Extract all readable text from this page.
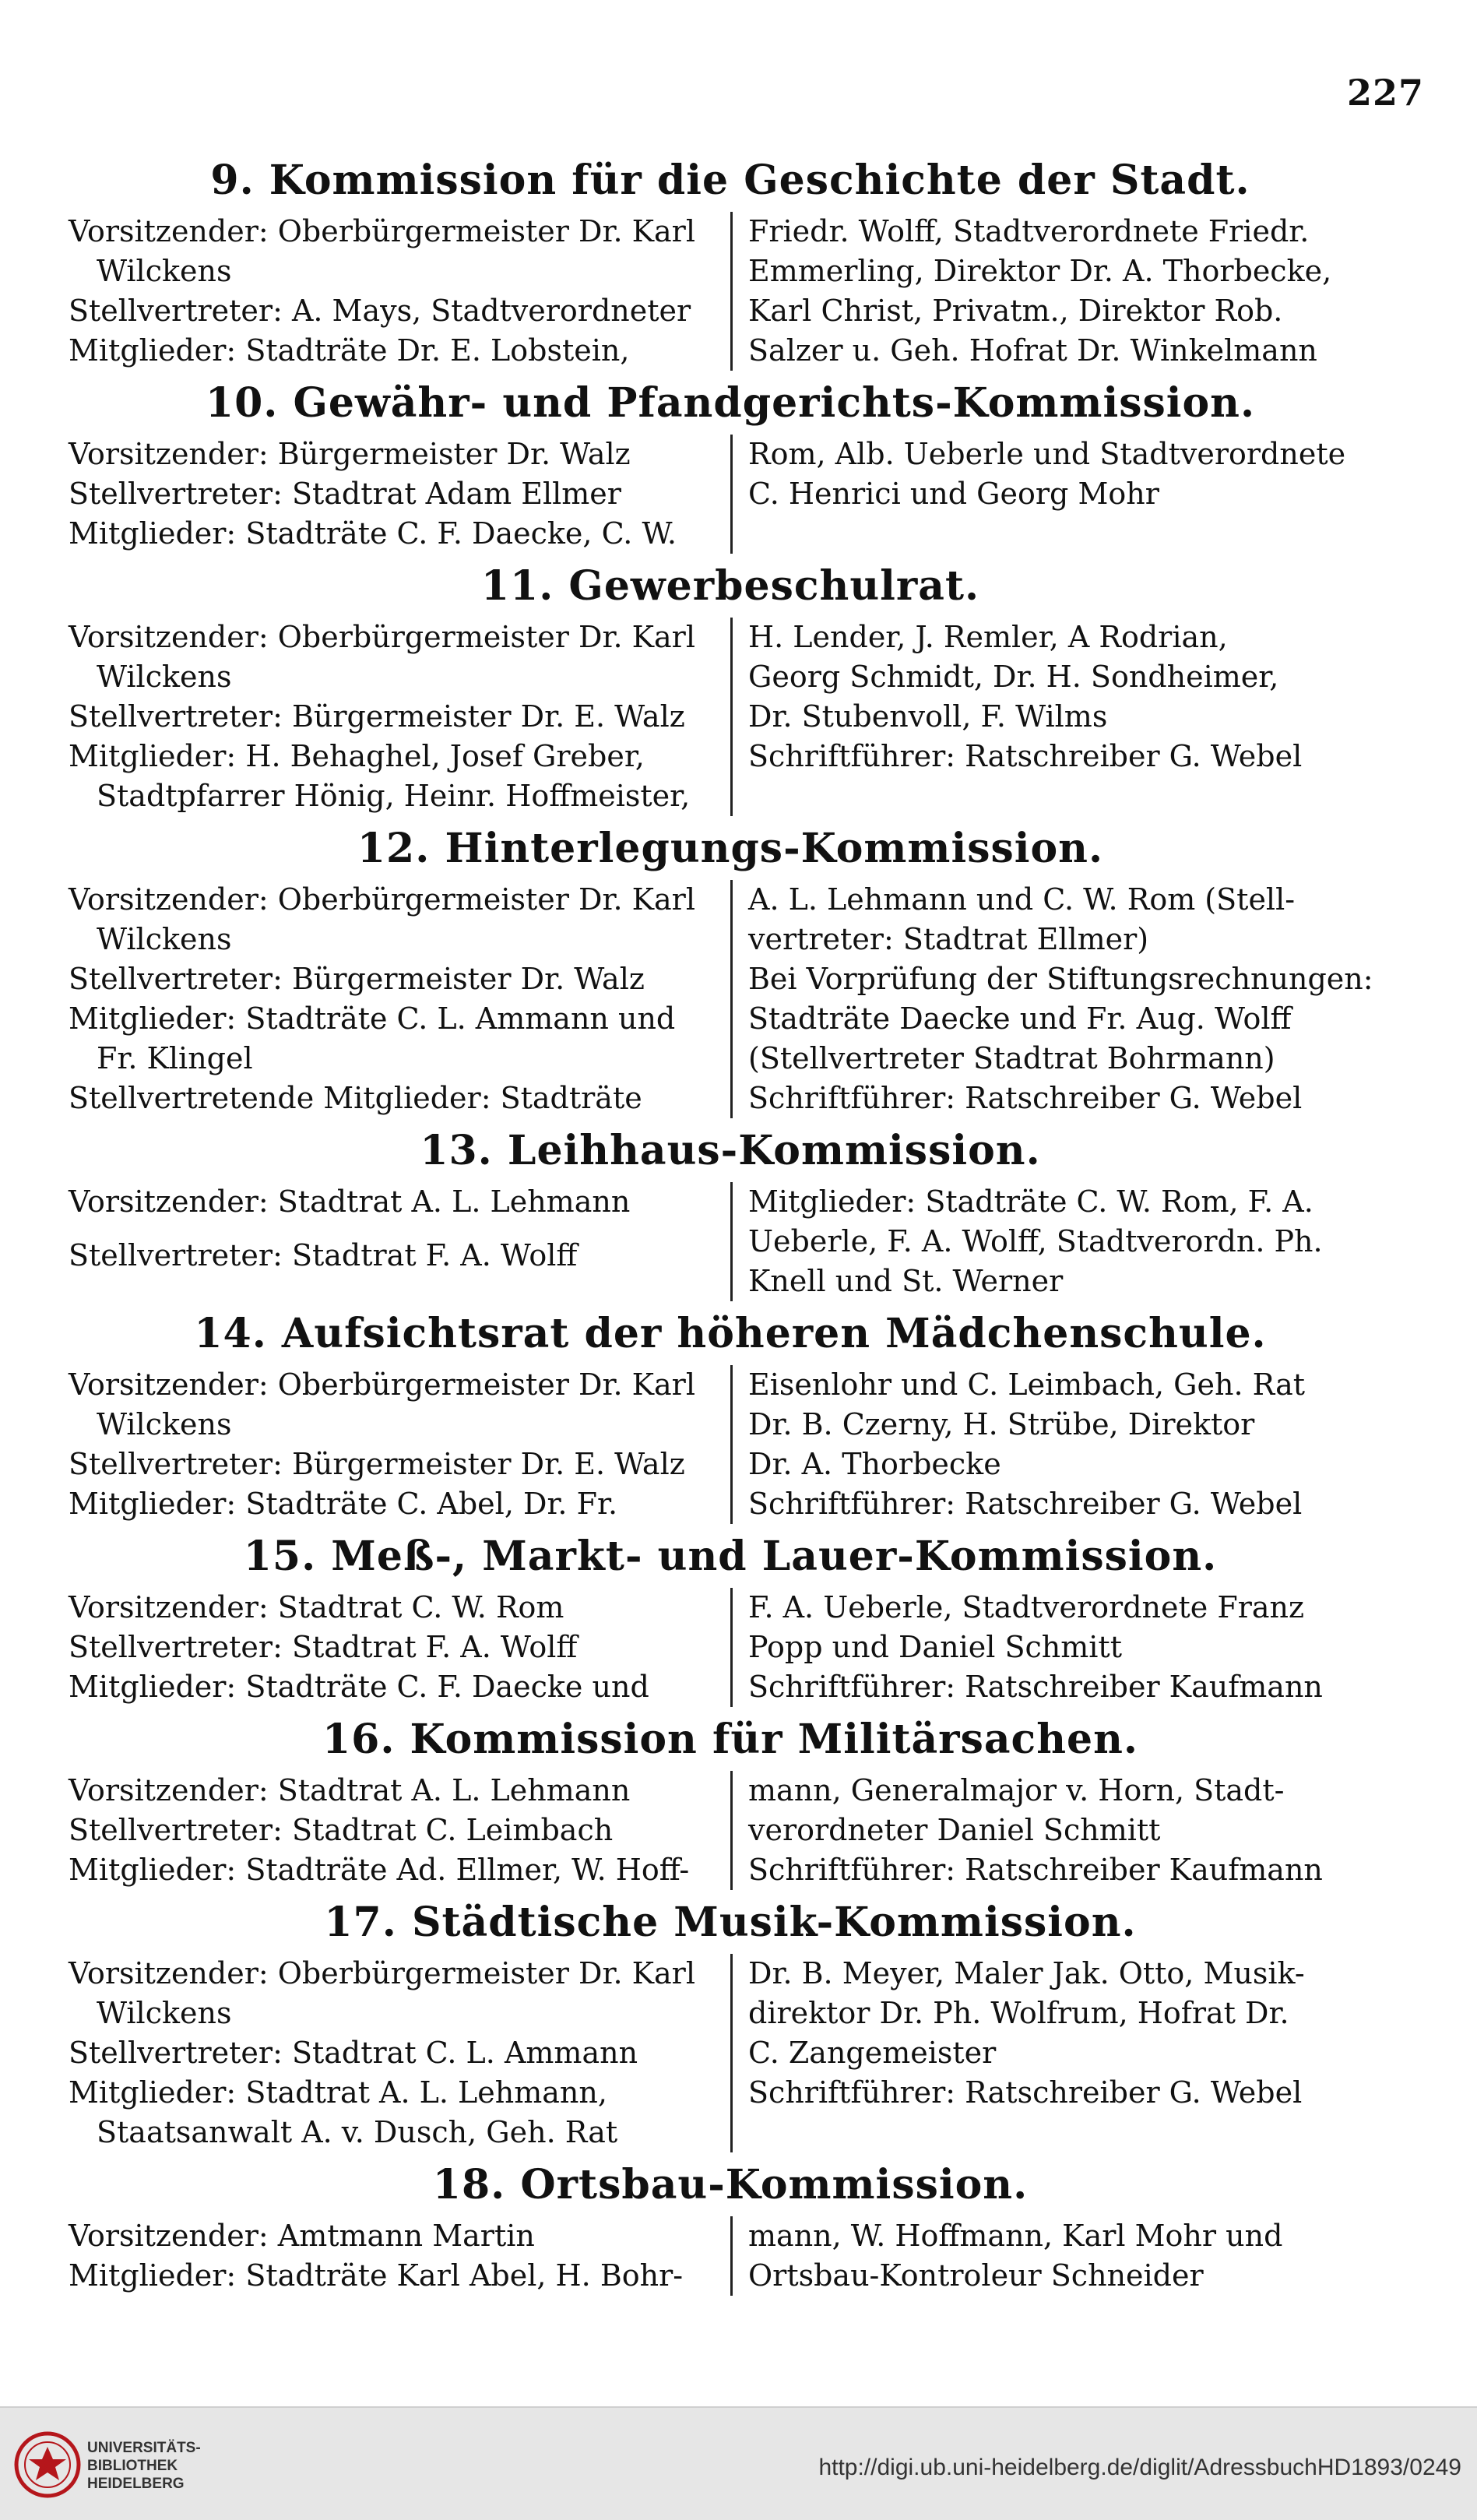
227
9. Kommission für die Geschichte der Stadt.
Vorsitzender: Oberbürgermeister Dr. Karl
Wilckens
Stellvertreter: A. Mays, Stadtverordneter
Mitglieder: Stadträte Dr. E. Lobstein,
Friedr. Wolff, Stadtverordnete Friedr.
Emmerling, Direktor Dr. A. Thorbecke,
Karl Christ, Privatm., Direktor Rob.
Salzer u. Geh. Hofrat Dr. Winkelmann
10. Gewähr- und Pfandgerichts-Kommission.
Vorsitzender: Bürgermeister Dr. Walz
Stellvertreter: Stadtrat Adam Ellmer
Mitglieder: Stadträte C. F. Daecke, C. W.
Rom, Alb. Ueberle und Stadtverordnete
C. Henrici und Georg Mohr
11. Gewerbeschulrat.
Vorsitzender: Oberbürgermeister Dr. Karl
Wilckens
Stellvertreter: Bürgermeister Dr. E. Walz
Mitglieder: H. Behaghel, Josef Greber,
Stadtpfarrer Hönig, Heinr. Hoffmeister,
H. Lender, J. Remler, A Rodrian,
Georg Schmidt, Dr. H. Sondheimer,
Dr. Stubenvoll, F. Wilms
Schriftführer: Ratschreiber G. Webel
12. Hinterlegungs-Kommission.
Vorsitzender: Oberbürgermeister Dr. Karl
Wilckens
Stellvertreter: Bürgermeister Dr. Walz
Mitglieder: Stadträte C. L. Ammann und
Fr. Klingel
Stellvertretende Mitglieder: Stadträte
A. L. Lehmann und C. W. Rom (Stell-
vertreter: Stadtrat Ellmer)
Bei Vorprüfung der Stiftungsrechnungen:
Stadträte Daecke und Fr. Aug. Wolff
(Stellvertreter Stadtrat Bohrmann)
Schriftführer: Ratschreiber G. Webel
13. Leihhaus-Kommission.
Vorsitzender: Stadtrat A. L. Lehmann
Stellvertreter: Stadtrat F. A. Wolff
Mitglieder: Stadträte C. W. Rom, F. A.
Ueberle, F. A. Wolff, Stadtverordn. Ph.
Knell und St. Werner
14. Aufsichtsrat der höheren Mädchenschule.
Vorsitzender: Oberbürgermeister Dr. Karl
Wilckens
Stellvertreter: Bürgermeister Dr. E. Walz
Mitglieder: Stadträte C. Abel, Dr. Fr.
Eisenlohr und C. Leimbach, Geh. Rat
Dr. B. Czerny, H. Strübe, Direktor
Dr. A. Thorbecke
Schriftführer: Ratschreiber G. Webel
15. Meß-, Markt- und Lauer-Kommission.
Vorsitzender: Stadtrat C. W. Rom
Stellvertreter: Stadtrat F. A. Wolff
Mitglieder: Stadträte C. F. Daecke und
F. A. Ueberle, Stadtverordnete Franz
Popp und Daniel Schmitt
Schriftführer: Ratschreiber Kaufmann
16. Kommission für Militärsachen.
Vorsitzender: Stadtrat A. L. Lehmann
Stellvertreter: Stadtrat C. Leimbach
Mitglieder: Stadträte Ad. Ellmer, W. Hoff-
mann, Generalmajor v. Horn, Stadt-
verordneter Daniel Schmitt
Schriftführer: Ratschreiber Kaufmann
17. Städtische Musik-Kommission.
Vorsitzender: Oberbürgermeister Dr. Karl
Wilckens
Stellvertreter: Stadtrat C. L. Ammann
Mitglieder: Stadtrat A. L. Lehmann,
Staatsanwalt A. v. Dusch, Geh. Rat
Dr. B. Meyer, Maler Jak. Otto, Musik-
direktor Dr. Ph. Wolfrum, Hofrat Dr.
C. Zangemeister
Schriftführer: Ratschreiber G. Webel
18. Ortsbau-Kommission.
Vorsitzender: Amtmann Martin
Mitglieder: Stadträte Karl Abel, H. Bohr-
mann, W. Hoffmann, Karl Mohr und
Ortsbau-Kontroleur Schneider
UNIVERSITÄTS-
BIBLIOTHEK
HEIDELBERG
http://digi.ub.uni-heidelberg.de/diglit/AdressbuchHD1893/0249
